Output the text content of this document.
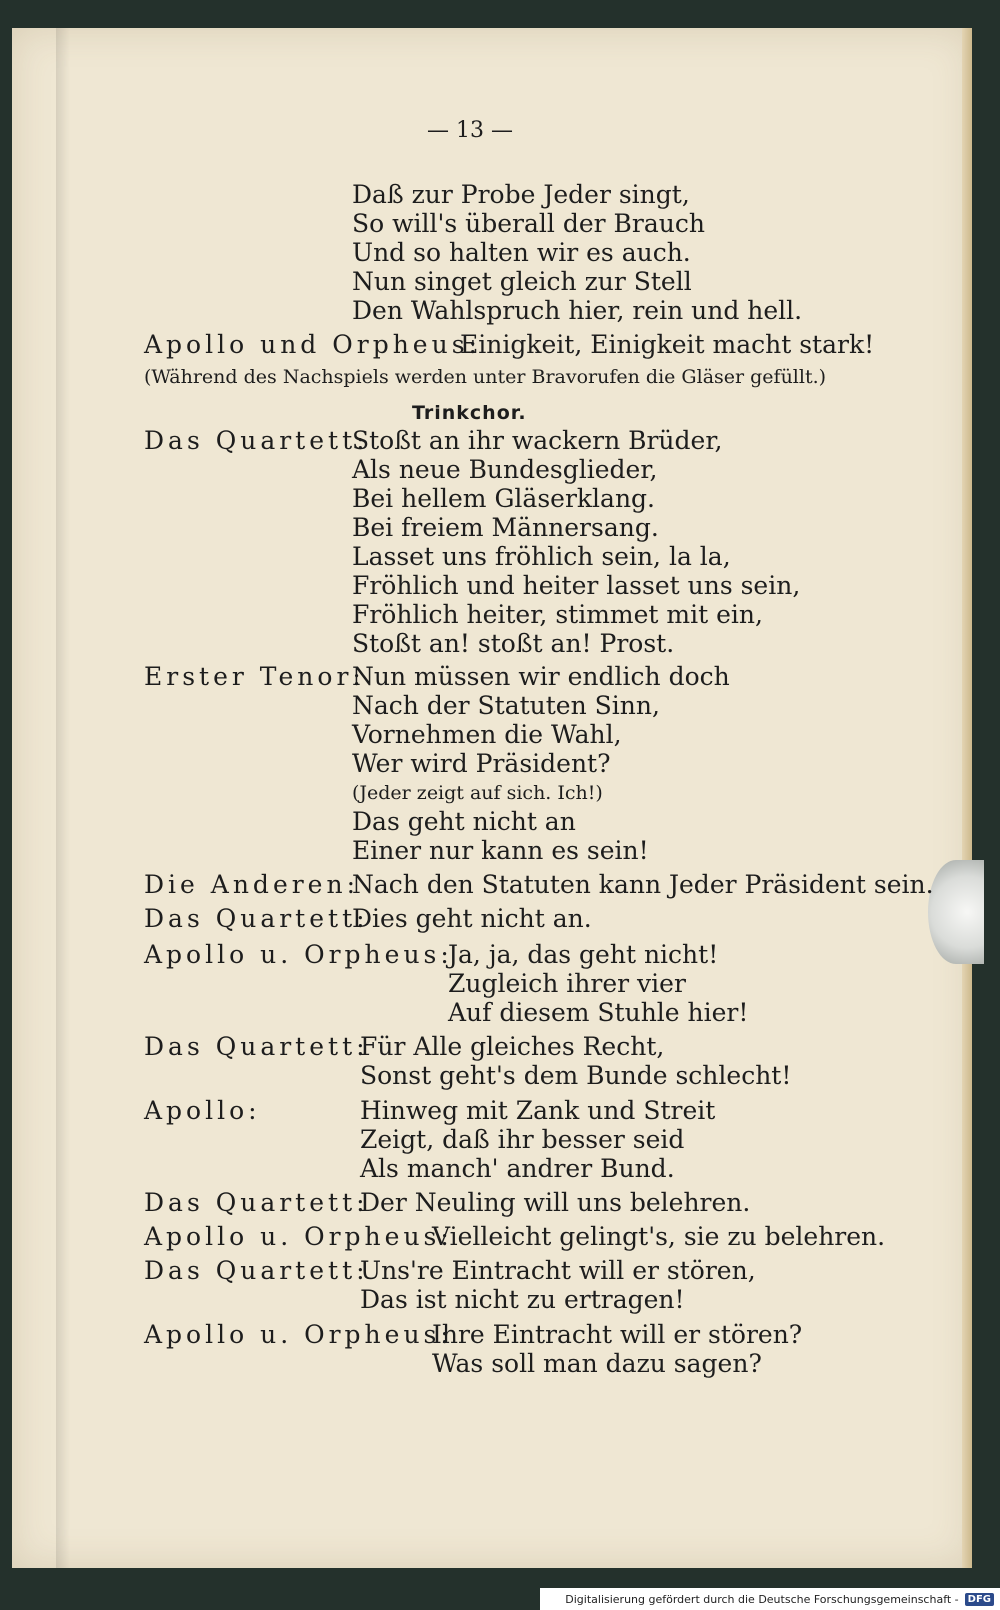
— 13 —
Daß zur Probe Jeder singt,
So will's überall der Brauch
Und so halten wir es auch.
Nun singet gleich zur Stell
Den Wahlspruch hier, rein und hell.
Apollo und Orpheus:
Einigkeit, Einigkeit macht stark!
(Während des Nachspiels werden unter Bravorufen die Gläser gefüllt.)
Trinkchor.
Das Quartett:
Stoßt an ihr wackern Brüder,
Als neue Bundesglieder,
Bei hellem Gläserklang.
Bei freiem Männersang.
Lasset uns fröhlich sein, la la,
Fröhlich und heiter lasset uns sein,
Fröhlich heiter, stimmet mit ein,
Stoßt an! stoßt an! Prost.
Erster Tenor:
Nun müssen wir endlich doch
Nach der Statuten Sinn,
Vornehmen die Wahl,
Wer wird Präsident?
(Jeder zeigt auf sich. Ich!)
Das geht nicht an
Einer nur kann es sein!
Die Anderen:
Nach den Statuten kann Jeder Präsident sein.
Das Quartett:
Dies geht nicht an.
Apollo u. Orpheus:
Ja, ja, das geht nicht!
Zugleich ihrer vier
Auf diesem Stuhle hier!
Das Quartett:
Für Alle gleiches Recht,
Sonst geht's dem Bunde schlecht!
Apollo:	Hinweg mit Zank und Streit
Zeigt, daß ihr besser seid
Als manch' andrer Bund.
Das Quartett:
Der Neuling will uns belehren.
Apollo u. Orpheus:
Vielleicht gelingt's, sie zu belehren.
Das Quartett:
Uns're Eintracht will er stören,
Das ist nicht zu ertragen!
Apollo u. Orpheus:
Ihre Eintracht will er stören?
Was soll man dazu sagen?
Digitalisierung gefördert durch die Deutsche Forschungsgemeinschaft - DFG
